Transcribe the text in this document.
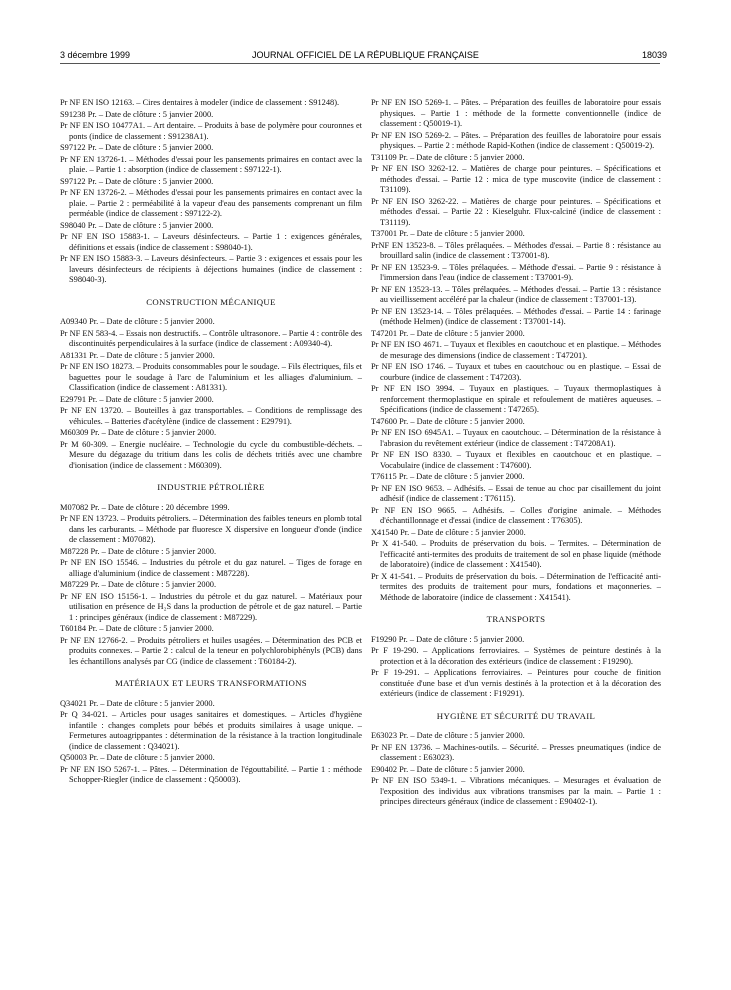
3 décembre 1999	JOURNAL OFFICIEL DE LA RÉPUBLIQUE FRANÇAISE	18039
Pr NF EN ISO 12163. – Cires dentaires à modeler (indice de classement : S91248).
S91238 Pr. – Date de clôture : 5 janvier 2000.
Pr NF EN ISO 10477A1. – Art dentaire. – Produits à base de polymère pour couronnes et ponts (indice de classement : S91238A1).
S97122 Pr. – Date de clôture : 5 janvier 2000.
Pr NF EN 13726-1. – Méthodes d'essai pour les pansements primaires en contact avec la plaie. – Partie 1 : absorption (indice de classement : S97122-1).
S97122 Pr. – Date de clôture : 5 janvier 2000.
Pr NF EN 13726-2. – Méthodes d'essai pour les pansements primaires en contact avec la plaie. – Partie 2 : perméabilité à la vapeur d'eau des pansements comprenant un film perméable (indice de classement : S97122-2).
S98040 Pr. – Date de clôture : 5 janvier 2000.
Pr NF EN ISO 15883-1. – Laveurs désinfecteurs. – Partie 1 : exigences générales, définitions et essais (indice de classement : S98040-1).
Pr NF EN ISO 15883-3. – Laveurs désinfecteurs. – Partie 3 : exigences et essais pour les laveurs désinfecteurs de récipients à déjections humaines (indice de classement : S98040-3).
CONSTRUCTION MÉCANIQUE
A09340 Pr. – Date de clôture : 5 janvier 2000.
Pr NF EN 583-4. – Essais non destructifs. – Contrôle ultrasonore. – Partie 4 : contrôle des discontinuités perpendiculaires à la surface (indice de classement : A09340-4).
A81331 Pr. – Date de clôture : 5 janvier 2000.
Pr NF EN ISO 18273. – Produits consommables pour le soudage. – Fils électriques, fils et baguettes pour le soudage à l'arc de l'aluminium et les alliages d'aluminium. – Classification (indice de classement : A81331).
E29791 Pr. – Date de clôture : 5 janvier 2000.
Pr NF EN 13720. – Bouteilles à gaz transportables. – Conditions de remplissage des véhicules. – Batteries d'acétylène (indice de classement : E29791).
M60309 Pr. – Date de clôture : 5 janvier 2000.
Pr M 60-309. – Energie nucléaire. – Technologie du cycle du combustible-déchets. – Mesure du dégazage du tritium dans les colis de déchets tritiés avec une chambre d'ionisation (indice de classement : M60309).
INDUSTRIE PÉTROLIÈRE
M07082 Pr. – Date de clôture : 20 décembre 1999.
Pr NF EN 13723. – Produits pétroliers. – Détermination des faibles teneurs en plomb total dans les carburants. – Méthode par fluoresce X dispersive en longueur d'onde (indice de classement : M07082).
M87228 Pr. – Date de clôture : 5 janvier 2000.
Pr NF EN ISO 15546. – Industries du pétrole et du gaz naturel. – Tiges de forage en alliage d'aluminium (indice de classement : M87228).
M87229 Pr. – Date de clôture : 5 janvier 2000.
Pr NF EN ISO 15156-1. – Industries du pétrole et du gaz naturel. – Matériaux pour utilisation en présence de H₂S dans la production de pétrole et de gaz naturel. – Partie 1 : principes généraux (indice de classement : M87229).
T60184 Pr. – Date de clôture : 5 janvier 2000.
Pr NF EN 12766-2. – Produits pétroliers et huiles usagées. – Détermination des PCB et produits connexes. – Partie 2 : calcul de la teneur en polychlorobiphényls (PCB) dans les échantillons analysés par CG (indice de classement : T60184-2).
MATÉRIAUX ET LEURS TRANSFORMATIONS
Q34021 Pr. – Date de clôture : 5 janvier 2000.
Pr Q 34-021. – Articles pour usages sanitaires et domestiques. – Articles d'hygiène infantile : changes complets pour bébés et produits similaires à usage unique. – Fermetures autoagrippantes : détermination de la résistance à la traction longitudinale (indice de classement : Q34021).
Q50003 Pr. – Date de clôture : 5 janvier 2000.
Pr NF EN ISO 5267-1. – Pâtes. – Détermination de l'égouttabilité. – Partie 1 : méthode Schopper-Riegler (indice de classement : Q50003).
Pr NF EN ISO 5269-1. – Pâtes. – Préparation des feuilles de laboratoire pour essais physiques. – Partie 1 : méthode de la formette conventionnelle (indice de classement : Q50019-1).
Pr NF EN ISO 5269-2. – Pâtes. – Préparation des feuilles de laboratoire pour essais physiques. – Partie 2 : méthode Rapid-Kothen (indice de classement : Q50019-2).
T31109 Pr. – Date de clôture : 5 janvier 2000.
Pr NF EN ISO 3262-12. – Matières de charge pour peintures. – Spécifications et méthodes d'essai. – Partie 12 : mica de type muscovite (indice de classement : T31109).
Pr NF EN ISO 3262-22. – Matières de charge pour peintures. – Spécifications et méthodes d'essai. – Partie 22 : Kieselguhr. Flux-calciné (indice de classement : T31119).
T37001 Pr. – Date de clôture : 5 janvier 2000.
PrNF EN 13523-8. – Tôles prélaquées. – Méthodes d'essai. – Partie 8 : résistance au brouillard salin (indice de classement : T37001-8).
Pr NF EN 13523-9. – Tôles prélaquées. – Méthode d'essai. – Partie 9 : résistance à l'immersion dans l'eau (indice de classement : T37001-9).
Pr NF EN 13523-13. – Tôles prélaquées. – Méthodes d'essai. – Partie 13 : résistance au vieillissement accéléré par la chaleur (indice de classement : T37001-13).
Pr NF EN 13523-14. – Tôles prélaquées. – Méthodes d'essai. – Partie 14 : farinage (méthode Helmen) (indice de classement : T37001-14).
T47201 Pr. – Date de clôture : 5 janvier 2000.
Pr NF EN ISO 4671. – Tuyaux et flexibles en caoutchouc et en plastique. – Méthodes de mesurage des dimensions (indice de classement : T47201).
Pr NF EN ISO 1746. – Tuyaux et tubes en caoutchouc ou en plastique. – Essai de courbure (indice de classement : T47203).
Pr NF EN ISO 3994. – Tuyaux en plastiques. – Tuyaux thermoplastiques à renforcement thermoplastique en spirale et refoulement de matières aqueuses. – Spécifications (indice de classement : T47265).
T47600 Pr. – Date de clôture : 5 janvier 2000.
Pr NF EN ISO 6945A1. – Tuyaux en caoutchouc. – Détermination de la résistance à l'abrasion du revêtement extérieur (indice de classement : T47208A1).
Pr NF EN ISO 8330. – Tuyaux et flexibles en caoutchouc et en plastique. – Vocabulaire (indice de classement : T47600).
T76115 Pr. – Date de clôture : 5 janvier 2000.
Pr NF EN ISO 9653. – Adhésifs. – Essai de tenue au choc par cisaillement du joint adhésif (indice de classement : T76115).
Pr NF EN ISO 9665. – Adhésifs. – Colles d'origine animale. – Méthodes d'échantillonnage et d'essai (indice de classement : T76305).
X41540 Pr. – Date de clôture : 5 janvier 2000.
Pr X 41-540. – Produits de préservation du bois. – Termites. – Détermination de l'efficacité anti-termites des produits de traitement de sol en phase liquide (méthode de laboratoire) (indice de classement : X41540).
Pr X 41-541. – Produits de préservation du bois. – Détermination de l'efficacité anti-termites des produits de traitement pour murs, fondations et maçonneries. – Méthode de laboratoire (indice de classement : X41541).
TRANSPORTS
F19290 Pr. – Date de clôture : 5 janvier 2000.
Pr F 19-290. – Applications ferroviaires. – Systèmes de peinture destinés à la protection et à la décoration des extérieurs (indice de classement : F19290).
Pr F 19-291. – Applications ferroviaires. – Peintures pour couche de finition constituée d'une base et d'un vernis destinés à la protection et à la décoration des extérieurs (indice de classement : F19291).
HYGIÈNE ET SÉCURITÉ DU TRAVAIL
E63023 Pr. – Date de clôture : 5 janvier 2000.
Pr NF EN 13736. – Machines-outils. – Sécurité. – Presses pneumatiques (indice de classement : E63023).
E90402 Pr. – Date de clôture : 5 janvier 2000.
Pr NF EN ISO 5349-1. – Vibrations mécaniques. – Mesurages et évaluation de l'exposition des individus aux vibrations transmises par la main. – Partie 1 : principes directeurs généraux (indice de classement : E90402-1).
